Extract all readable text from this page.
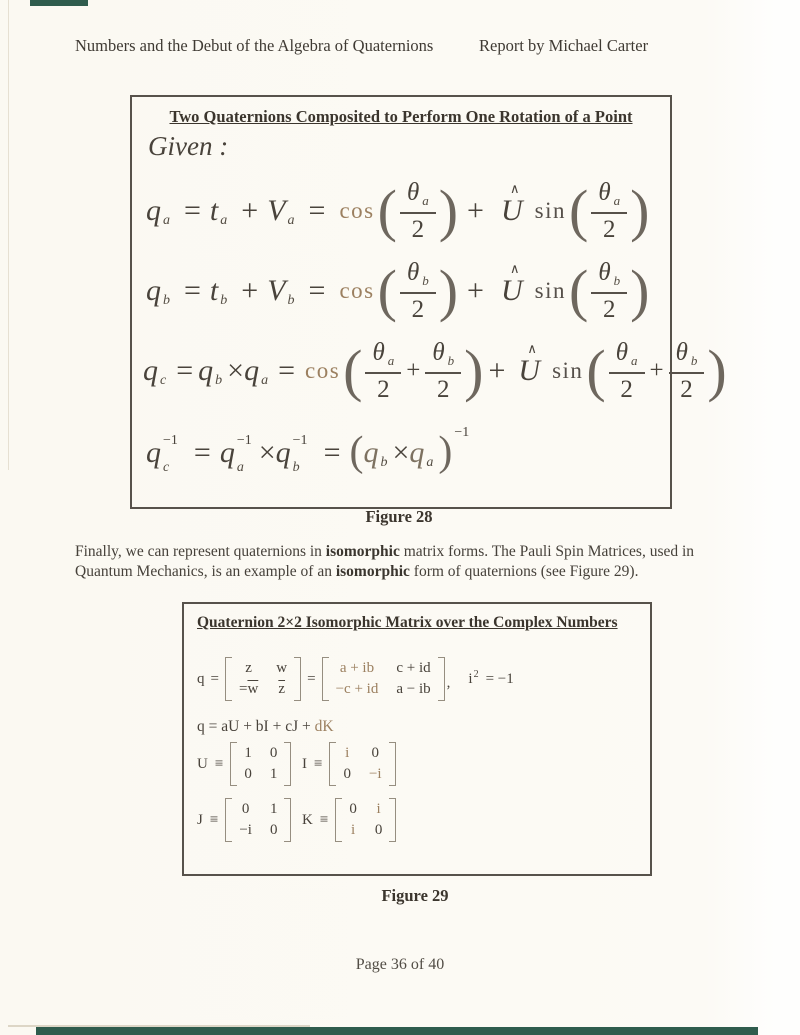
Numbers and the Debut of the Algebra of Quaternions	Report by Michael Carter
Two Quaternions Composited to Perform One Rotation of a Point
Given :
q a = t a + V a = cos ( $\frac{\theta _a}{2}$ ) +
∧
U sin ( $\frac{\theta _a}{2}$ )
q b = t b + V b = cos ( $\frac{\theta _b}{2}$ ) +
∧
U sin ( $\frac{\theta _b}{2}$ )
q c = q b × q a = cos ( $\frac{\theta _a}{2} + \frac{\theta _b}{2}$ ) +
∧
U sin ( $\frac{\theta _a}{2} + \frac{\theta _b}{2}$ )
q −1
c = q −1
a × q −1
b = ( q b × q a ) −1
Figure 28
Finally, we can represent quaternions in isomorphic matrix forms. The Pauli Spin Matrices, used in Quantum Mechanics, is an example of an isomorphic form of quaternions (see Figure 29).
Quaternion 2×2 Isomorphic Matrix over the Complex Numbers
q =
z w
$=\overline{w}$ $\overline{z}$
=
a + ib c + id
−c + id a − ib , i 2 = −1
q = aU + bI + cJ + dK
U ≡
1 0
0 1
I ≡
i 0
0 −i
J ≡
0 1
−i 0
K ≡
0 i
i 0
Figure 29
Page 36 of 40
